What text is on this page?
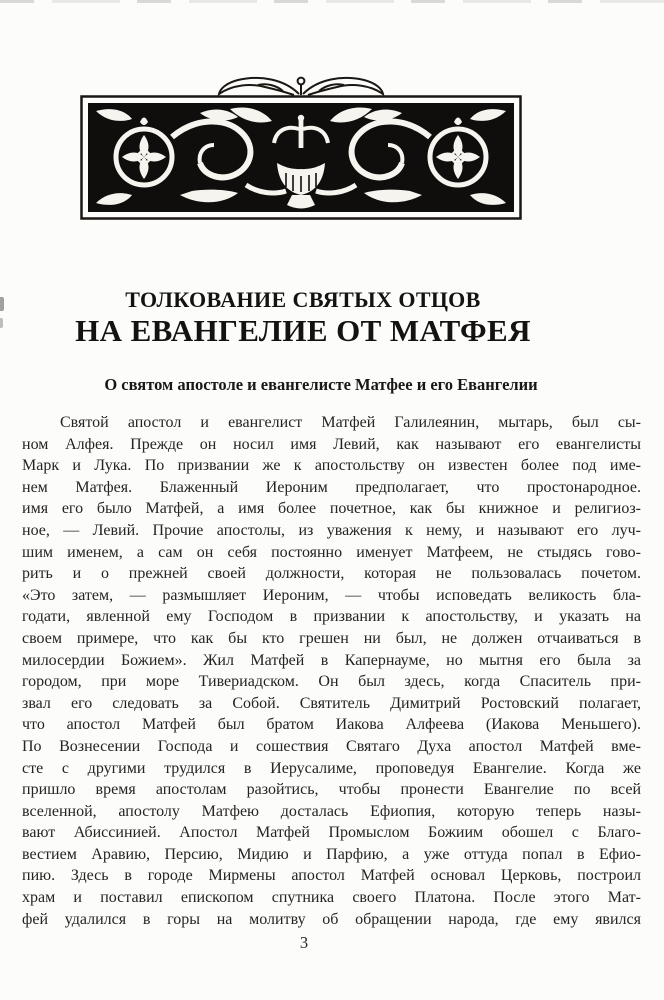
ТОЛКОВАНИЕ СВЯТЫХ ОТЦОВ
НА ЕВАНГЕЛИЕ ОТ МАТФЕЯ
О святом апостоле и евангелисте Матфее и его Евангелии

Святой апостол и евангелист Матфей Галилеянин, мытарь, был сы-

ном Алфея. Прежде он носил имя Левий, как называют его евангелисты

Марк и Лука. По призвании же к апостольству он известен более под име-

нем Матфея. Блаженный Иероним предполагает, что простонародное.

имя его было Матфей, а имя более почетное, как бы книжное и религиоз-

ное, — Левий. Прочие апостолы, из уважения к нему, и называют его луч-

шим именем, а сам он себя постоянно именует Матфеем, не стыдясь гово-

рить и о прежней своей должности, которая не пользовалась почетом.

«Это затем, — размышляет Иероним, — чтобы исповедать великость бла-

годати, явленной ему Господом в призвании к апостольству, и указать на

своем примере, что как бы кто грешен ни был, не должен отчаиваться в

милосердии Божием». Жил Матфей в Капернауме, но мытня его была за

городом, при море Тивериадском. Он был здесь, когда Спаситель при-

звал его следовать за Собой. Святитель Димитрий Ростовский полагает,

что апостол Матфей был братом Иакова Алфеева (Иакова Меньшего).

По Вознесении Господа и сошествия Святаго Духа апостол Матфей вме-

сте с другими трудился в Иерусалиме, проповедуя Евангелие. Когда же

пришло время апостолам разойтись, чтобы пронести Евангелие по всей

вселенной, апостолу Матфею досталась Ефиопия, которую теперь назы-

вают Абиссинией. Апостол Матфей Промыслом Божиим обошел с Благо-

вестием Аравию, Персию, Мидию и Парфию, а уже оттуда попал в Ефио-

пию. Здесь в городе Мирмены апостол Матфей основал Церковь, построил

храм и поставил епископом спутника своего Платона. После этого Мат-

фей удалился в горы на молитву об обращении народа, где ему явился

3
